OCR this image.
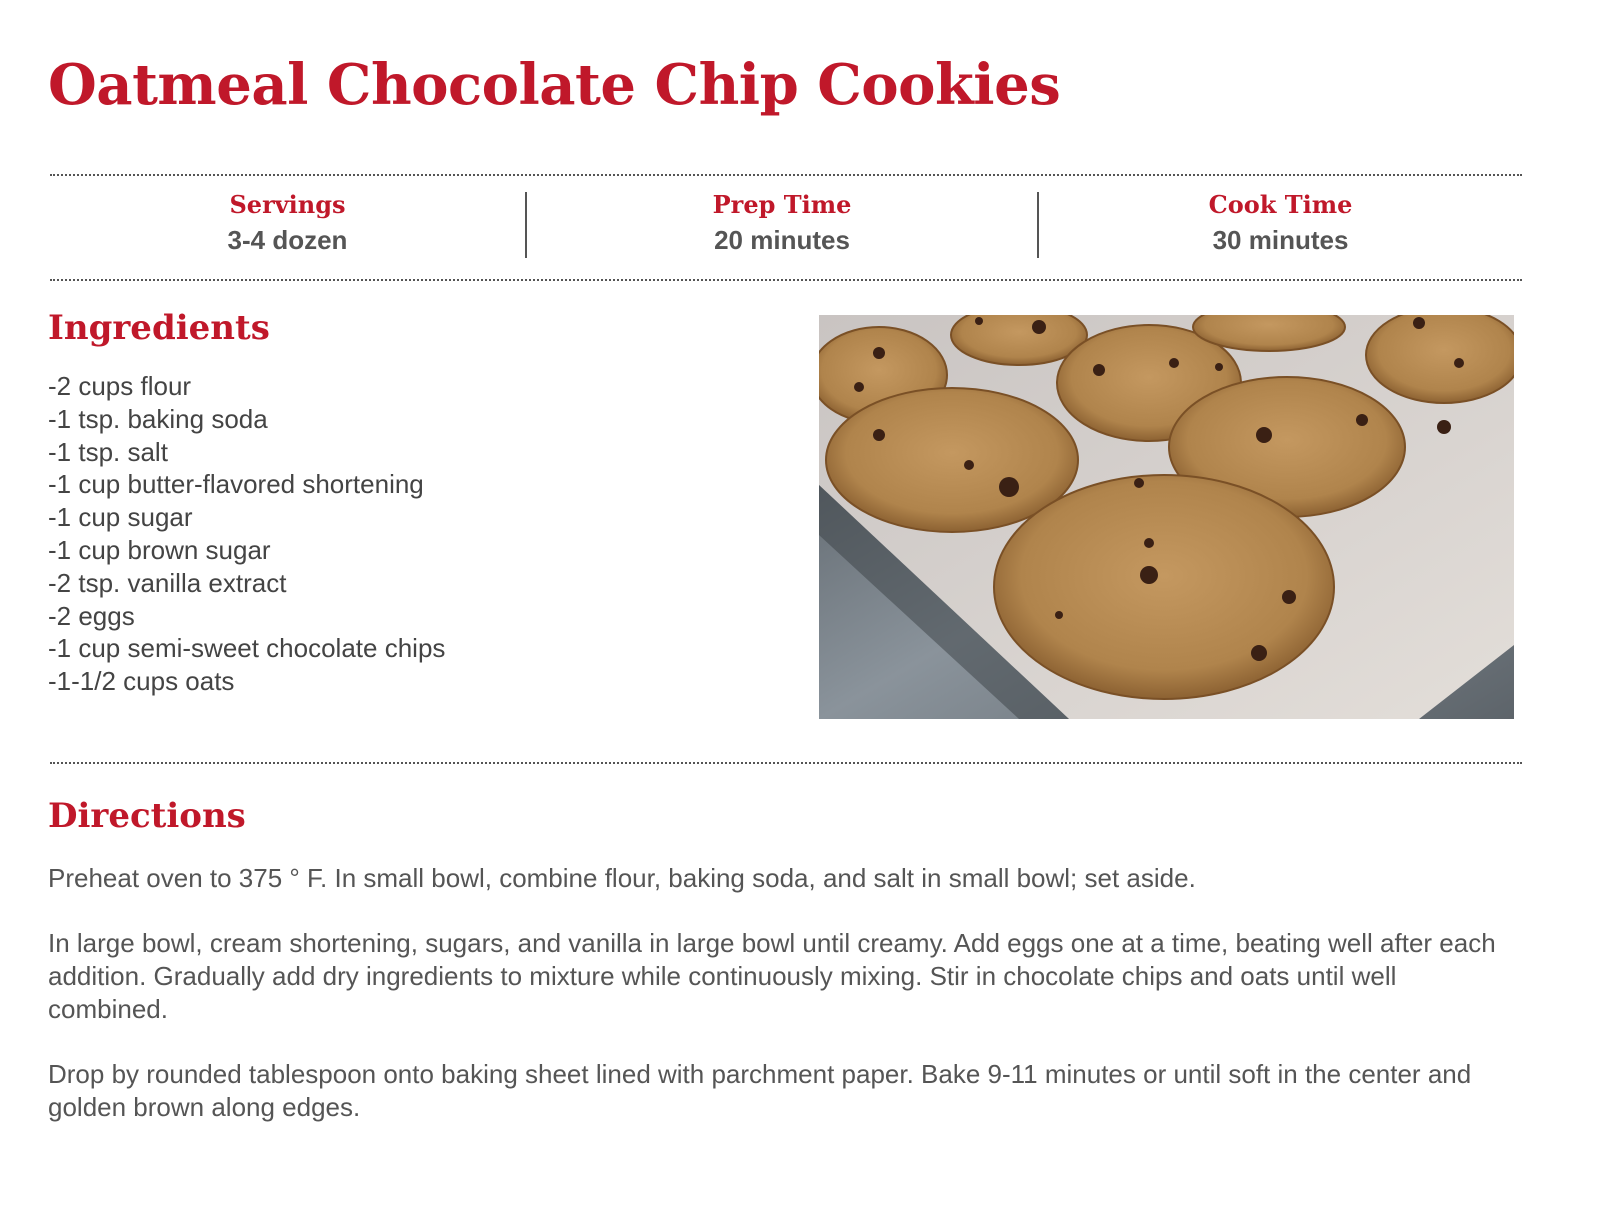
Oatmeal Chocolate Chip Cookies
Servings
3-4 dozen
Prep Time
20 minutes
Cook Time
30 minutes
Ingredients
-2 cups flour
-1 tsp. baking soda
-1 tsp. salt
-1 cup butter-flavored shortening
-1 cup sugar
-1 cup brown sugar
-2 tsp. vanilla extract
-2 eggs
-1 cup semi-sweet chocolate chips
-1-1/2 cups oats
Directions

Preheat oven to 375 ° F. In small bowl, combine flour, baking soda, and salt in small bowl; set aside.

In large bowl, cream shortening, sugars, and vanilla in large bowl until creamy. Add eggs one at a time, beating well after each addition. Gradually add dry ingredients to mixture while continuously mixing. Stir in chocolate chips and oats until well combined.

Drop by rounded tablespoon onto baking sheet lined with parchment paper. Bake 9-11 minutes or until soft in the center and golden brown along edges.
